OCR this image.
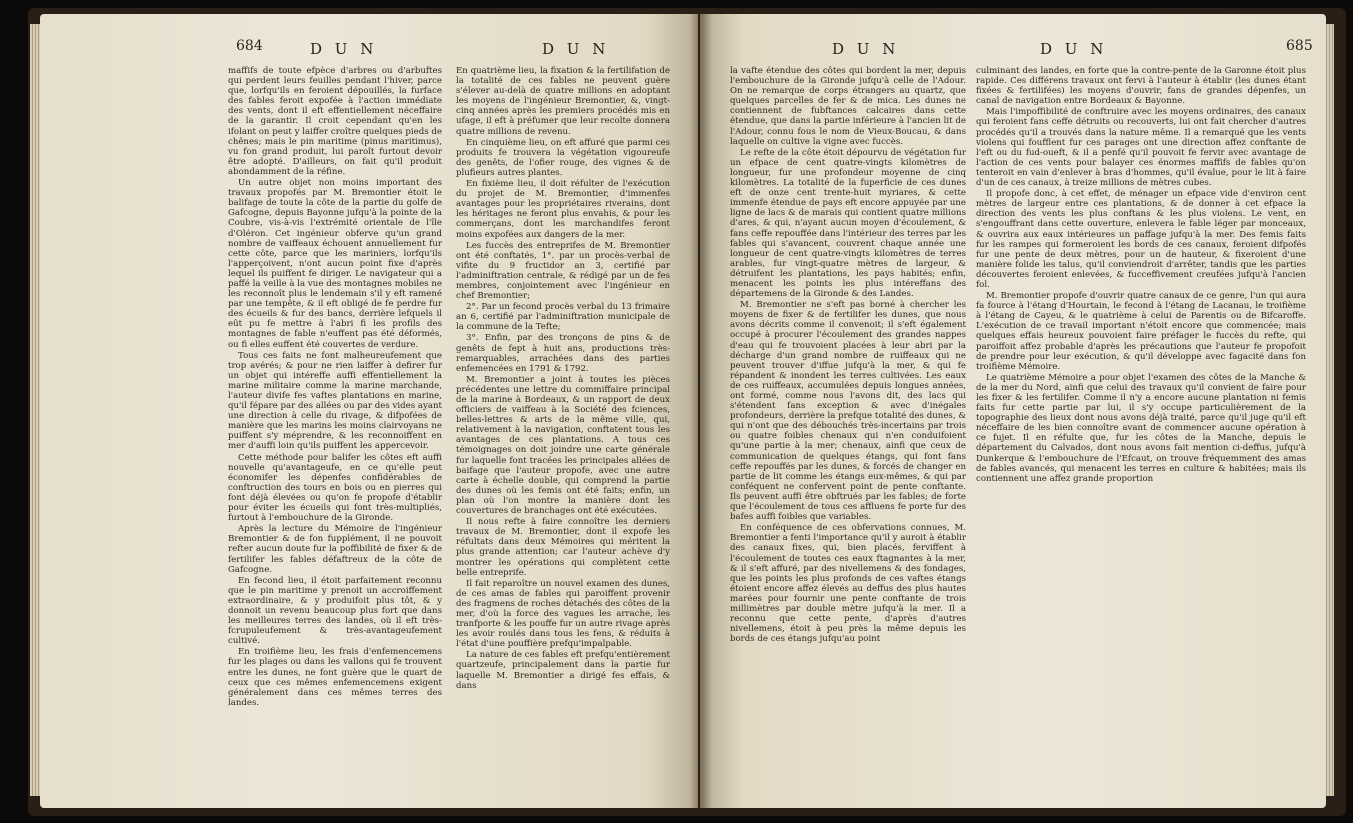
684	D U N	D U N

maffifs de toute efpèce d'arbres ou d'arbuftes qui perdent leurs feuilles pendant l'hiver, parce que, lorfqu'ils en feroient dépouillés, la furface des fables feroit expofée à l'action immédiate des vents, dont il eft effentiellement néceffaire de la garantir. Il croit cependant qu'en les ifolant on peut y laiffer croître quelques pieds de chênes; mais le pin maritime (pinus maritimus), vu fon grand produit, lui paroît furtout devoir être adopté. D'ailleurs, on fait qu'il produit abondamment de la réfine.

Un autre objet non moins important des travaux propofés par M. Bremontier étoit le balifage de toute la côte de la partie du golfe de Gafcogne, depuis Bayonne jufqu'à la pointe de la Coubre, vis-à-vis l'extrémité orientale de l'île d'Oléron. Cet ingénieur obferve qu'un grand nombre de vaiffeaux échouent annuellement fur cette côte, parce que les mariniers, lorfqu'ils l'apperçoivent, n'ont aucun point fixe d'après lequel ils puiffent fe diriger. Le navigateur qui a paffé la veille à la vue des montagnes mobiles ne les reconnoît plus le lendemain s'il y eft ramené par une tempête, & il eft obligé de fe perdre fur des écueils & fur des bancs, derrière lefquels il eût pu fe mettre à l'abri fi les profils des montagnes de fable n'euffent pas été déformés, ou fi elles euffent été couvertes de verdure.

Tous ces faits ne font malheureufement que trop avérés; & pour ne rien laiffer à defirer fur un objet qui intéreffe auffi effentiellement la marine militaire comme la marine marchande, l'auteur divife fes vaftes plantations en marine, qu'il fépare par des allées ou par des vides ayant une direction à celle du rivage, & difpofées de manière que les marins les moins clairvoyans ne puiffent s'y méprendre, & les reconnoiffent en mer d'auffi loin qu'ils puiffent les appercevoir.

Cette méthode pour balifer les côtes eft auffi nouvelle qu'avantageufe, en ce qu'elle peut économifer les dépenfes confidérables de conftruction des tours en bois ou en pierres qui font déjà élevées ou qu'on fe propofe d'établir pour éviter les écueils qui font très-multipliés, furtout à l'embouchure de la Gironde.

Après la lecture du Mémoire de l'ingénieur Bremontier & de fon fupplément, il ne pouvoit refter aucun doute fur la poffibilité de fixer & de fertilifer les fables défaftreux de la côte de Gafcogne.

En fecond lieu, il étoit parfaitement reconnu que le pin maritime y prenoit un accroiffement extraordinaire, & y produifoit plus tôt, & y donnoit un revenu beaucoup plus fort que dans les meilleures terres des landes, où il eft très-fcrupuleufement & très-avantageufement cultivé.

En troifième lieu, les frais d'enfemencemens fur les plages ou dans les vallons qui fe trouvent entre les dunes, ne font guère que le quart de ceux que ces mêmes enfemencemens exigent généralement dans ces mêmes terres des landes.

En quatrième lieu, la fixation & la fertilifation de la totalité de ces fables ne peuvent guère s'élever au-delà de quatre millions en adoptant les moyens de l'ingénieur Bremontier, &, vingt-cinq années après les premiers procédés mis en ufage, il eft à préfumer que leur recolte donnera quatre millions de revenu.

En cinquième lieu, on eft affuré que parmi ces produits fe trouvera la végétation vigoureufe des genêts, de l'ofier rouge, des vignes & de plufieurs autres plantes.

En fixième lieu, il doit réfulter de l'exécution du projet de M. Bremontier, d'immenfes avantages pour les propriétaires riverains, dont les héritages ne feront plus envahis, & pour les commerçans, dont les marchandifes feront moins expofées aux dangers de la mer.

Les fuccès des entreprifes de M. Bremontier ont été conftatés, 1°. par un procès-verbal de vifite du 9 fructidor an 3, certifié par l'adminiftration centrale, & rédigé par un de fes membres, conjointement avec l'ingénieur en chef Bremontier;

2°. Par un fecond procès verbal du 13 frimaire an 6, certifié par l'adminiftration municipale de la commune de la Tefte;

3°. Enfin, par des tronçons de pins & de genêts de fept à huit ans, productions très-remarquables, arrachées dans des parties enfemencées en 1791 & 1792.

M. Bremontier a joint à toutes les pièces précédentes une lettre du commiffaire principal de la marine à Bordeaux, & un rapport de deux officiers de vaiffeau à la Société des fciences, belles-lettres & arts de la même ville, qui, relativement à la navigation, conftatent tous les avantages de ces plantations. A tous ces témoignages on doit joindre une carte générale fur laquelle font tracées les principales allées de baifage que l'auteur propofe, avec une autre carte à échelle double, qui comprend la partie des dunes où les femis ont été faits; enfin, un plan où l'on montre la manière dont les couvertures de branchages ont été exécutées.

Il nous refte à faire connoître les derniers travaux de M. Bremontier, dont il expofe les réfultats dans deux Mémoires qui méritent la plus grande attention; car l'auteur achève d'y montrer les opérations qui complètent cette belle entreprife.

Il fait reparoître un nouvel examen des dunes, de ces amas de fables qui paroiffent provenir des fragmens de roches détachés des côtes de la mer, d'où la force des vagues les arrache, les tranfporte & les pouffe fur un autre rivage après les avoir roulés dans tous les fens, & réduits à l'état d'une pouffière prefqu'impalpable.

La nature de ces fables eft prefqu'entièrement quartzeufe, principalement dans la partie fur laquelle M. Bremontier a dirigé fes effais, & dans

D U N	D U N	685

la vafte étendue des côtes qui bordent la mer, depuis l'embouchure de la Gironde jufqu'à celle de l'Adour. On ne remarque de corps étrangers au quartz, que quelques parcelles de fer & de mica. Les dunes ne contiennent de fubftances calcaires dans cette étendue, que dans la partie inférieure à l'ancien lit de l'Adour, connu fous le nom de Vieux-Boucau, & dans laquelle on cultive la vigne avec fuccès.

Le refte de la côte étoit dépourvu de végétation fur un efpace de cent quatre-vingts kilomètres de longueur, fur une profondeur moyenne de cinq kilomètres. La totalité de la fuperficie de ces dunes eft de onze cent trente-huit myriares, & cette immenfe étendue de pays eft encore appuyée par une ligne de lacs & de marais qui contient quatre millions d'ares, & qui, n'ayant aucun moyen d'écoulement, & fans ceffe repouffée dans l'intérieur des terres par les fables qui s'avancent, couvrent chaque année une longueur de cent quatre-vingts kilomètres de terres arables, fur vingt-quatre mètres de largeur, & détruifent les plantations, les pays habités; enfin, menacent les points les plus intéreffans des départemens de la Gironde & des Landes.

M. Bremontier ne s'eft pas borné à chercher les moyens de fixer & de fertilifer les dunes, que nous avons décrits comme il convenoit; il s'eft également occupé à procurer l'écoulement des grandes nappes d'eau qui fe trouvoient placées à leur abri par la décharge d'un grand nombre de ruiffeaux qui ne peuvent trouver d'iffue jufqu'à la mer, & qui fe répandent & inondent les terres cultivées. Les eaux de ces ruiffeaux, accumulées depuis longues années, ont formé, comme nous l'avons dit, des lacs qui s'étendent fans exception & avec d'inégales profondeurs, derrière la prefque totalité des dunes, & qui n'ont que des débouchés très-incertains par trois ou quatre foibles chenaux qui n'en conduifoient qu'une partie à la mer; chenaux, ainfi que ceux de communication de quelques étangs, qui font fans ceffe repouffés par les dunes, & forcés de changer en partie de lit comme les étangs eux-mêmes, & qui par conféquent ne confervent point de pente conftante. Ils peuvent auffi être obftrués par les fables; de forte que l'écoulement de tous ces affluens fe porte fur des bafes auffi foibles que variables.

En conféquence de ces obfervations connues, M. Bremontier a fenti l'importance qu'il y auroit à établir des canaux fixes, qui, bien placés, ferviffent à l'écoulement de toutes ces eaux ftagnantes à la mer, & il s'eft affuré, par des nivellemens & des fondages, que les points les plus profonds de ces vaftes étangs étoient encore affez élevés au deffus des plus hautes marées pour fournir une pente conftante de trois millimètres par double mètre jufqu'à la mer. Il a reconnu que cette pente, d'après d'autres nivellemens, étoit à peu près la même depuis les bords de ces étangs jufqu'au point

culminant des landes, en forte que la contre-pente de la Garonne étoit plus rapide. Ces différens travaux ont fervi à l'auteur à établir (les dunes étant fixées & fertilifées) les moyens d'ouvrir, fans de grandes dépenfes, un canal de navigation entre Bordeaux & Bayonne.

Mais l'impoffibilité de conftruire avec les moyens ordinaires, des canaux qui feroient fans ceffe détruits ou recouverts, lui ont fait chercher d'autres procédés qu'il a trouvés dans la nature même. Il a remarqué que les vents violens qui foufflent fur ces parages ont une direction affez conftante de l'eft ou du fud-oueft, & il a penfé qu'il pouvoit fe fervir avec avantage de l'action de ces vents pour balayer ces énormes maffifs de fables qu'on tenteroit en vain d'enlever à bras d'hommes, qu'il évalue, pour le lit à faire d'un de ces canaux, à treize millions de mètres cubes.

Il propofe donc, à cet effet, de ménager un efpace vide d'environ cent mètres de largeur entre ces plantations, & de donner à cet efpace la direction des vents les plus conftans & les plus violens. Le vent, en s'engouffrant dans cette ouverture, enlevera le fable léger par monceaux, & ouvrira aux eaux intérieures un paffage jufqu'à la mer. Des femis faits fur les rampes qui formeroient les bords de ces canaux, feroient difpofés fur une pente de deux mètres, pour un de hauteur, & fixeroient d'une manière folide les talus, qu'il conviendroit d'arrêter, tandis que les parties découvertes feroient enlevées, & fucceffivement creufées jufqu'à l'ancien fol.

M. Bremontier propofe d'ouvrir quatre canaux de ce genre, l'un qui aura fa fource à l'étang d'Hourtain, le fecond à l'étang de Lacanau, le troifième à l'étang de Cayeu, & le quatrième à celui de Parentis ou de Bifcaroffe. L'exécution de ce travail important n'étoit encore que commencée; mais quelques effais heureux pouvoient faire préfager le fuccès du refte, qui paroiffoit affez probable d'après les précautions que l'auteur fe propofoit de prendre pour leur exécution, & qu'il développe avec fagacité dans fon troifième Mémoire.

Le quatrième Mémoire a pour objet l'examen des côtes de la Manche & de la mer du Nord, ainfi que celui des travaux qu'il convient de faire pour les fixer & les fertilifer. Comme il n'y a encore aucune plantation ni femis faits fur cette partie par lui, il s'y occupe particulièrement de la topographie des lieux dont nous avons déjà traité, parce qu'il juge qu'il eft néceffaire de les bien connoître avant de commencer aucune opération à ce fujet. Il en réfulte que, fur les côtes de la Manche, depuis le département du Calvados, dont nous avons fait mention ci-deffus, jufqu'à Dunkerque & l'embouchure de l'Efcaut, on trouve fréquemment des amas de fables avancés, qui menacent les terres en culture & habitées; mais ils contiennent une affez grande proportion
